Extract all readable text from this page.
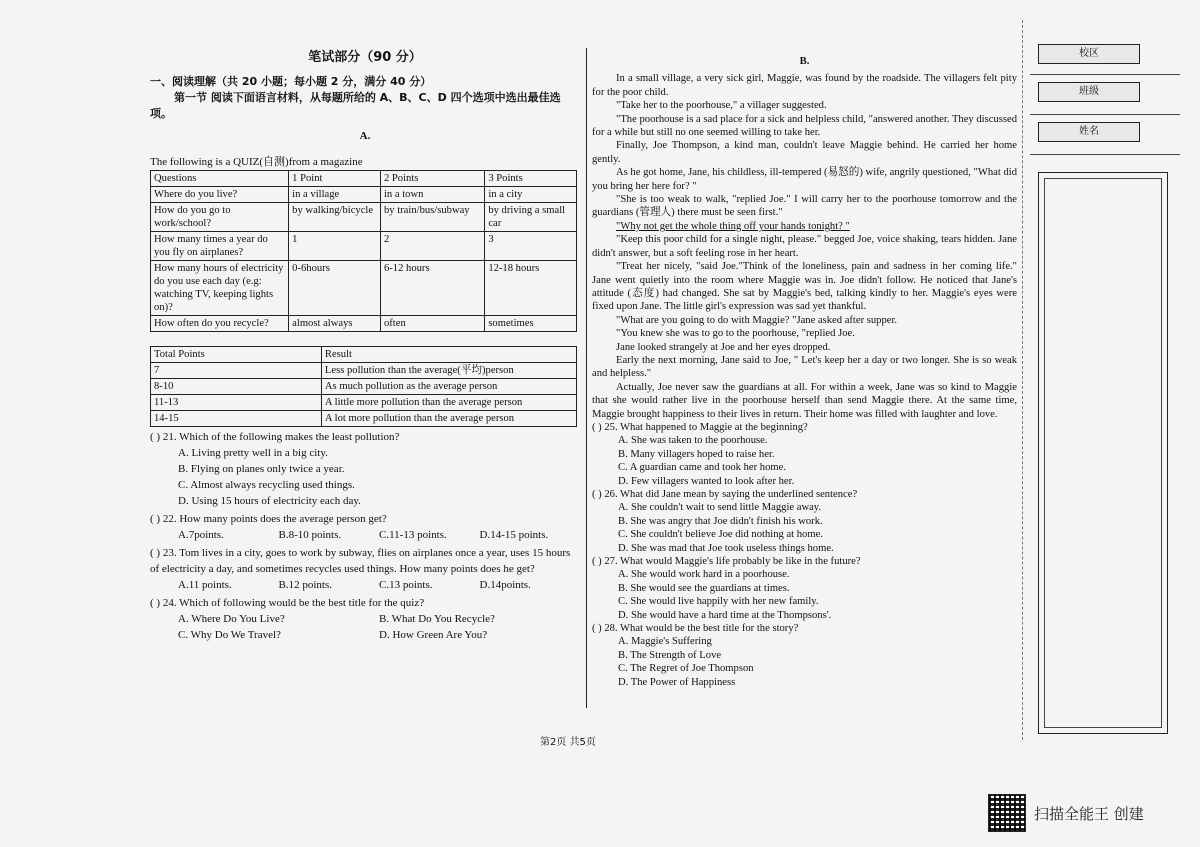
笔试部分（90 分）
一、阅读理解（共 20 小题；每小题 2 分，满分 40 分）
第一节 阅读下面语言材料，从每题所给的 A、B、C、D 四个选项中选出最佳选项。
A.
The following is a QUIZ(自测)from a magazine
Questions	1 Point	2 Points	3 Points
Where do you live?	in a village	in a town	in a city
How do you go to work/school?	by walking/bicycle	by train/bus/subway	by driving a small car
How many times a year do you fly on airplanes?	1	2	3
How many hours of electricity do you use each day (e.g: watching TV, keeping lights on)?	0-6hours	6-12 hours	12-18 hours
How often do you recycle?	almost always	often	sometimes
Total Points	Result
7	Less pollution than the average(平均)person
8-10	As much pollution as the average person
11-13	A little more pollution than the average person
14-15	A lot more pollution than the average person
( ) 21. Which of the following makes the least pollution?
A. Living pretty well in a big city.
B. Flying on planes only twice a year.
C. Almost always recycling used things.
D. Using 15 hours of electricity each day.
( ) 22. How many points does the average person get?
A.7points.	B.8-10 points.	C.11-13 points.	D.14-15 points.
( ) 23. Tom lives in a city, goes to work by subway, flies on airplanes once a year, uses 15 hours of electricity a day, and sometimes recycles used things. How many points does he get?
A.11 points.	B.12 points.	C.13 points.	D.14points.
( ) 24. Which of following would be the best title for the quiz?
A. Where Do You Live?	B. What Do You Recycle?
C. Why Do We Travel?	D. How Green Are You?
B.

In a small village, a very sick girl, Maggie, was found by the roadside. The villagers felt pity for the poor child.

"Take her to the poorhouse," a villager suggested.

"The poorhouse is a sad place for a sick and helpless child, "answered another. They discussed for a while but still no one seemed willing to take her.

Finally, Joe Thompson, a kind man, couldn't leave Maggie behind. He carried her home gently.

As he got home, Jane, his childless, ill-tempered (易怒的) wife, angrily questioned, "What did you bring her here for? "

"She is too weak to walk, "replied Joe." I will carry her to the poorhouse tomorrow and the guardians (管理人) there must be seen first."

"Why not get the whole thing off your hands tonight? "

"Keep this poor child for a single night, please." begged Joe, voice shaking, tears hidden. Jane didn't answer, but a soft feeling rose in her heart.

"Treat her nicely, "said Joe."Think of the loneliness, pain and sadness in her coming life." Jane went quietly into the room where Maggie was in. Joe didn't follow. He noticed that Jane's attitude (态度) had changed. She sat by Maggie's bed, talking kindly to her. Maggie's eyes were fixed upon Jane. The little girl's expression was sad yet thankful.

"What are you going to do with Maggie? "Jane asked after supper.

"You knew she was to go to the poorhouse, "replied Joe.

Jane looked strangely at Joe and her eyes dropped.

Early the next morning, Jane said to Joe, " Let's keep her a day or two longer. She is so weak and helpless."

Actually, Joe never saw the guardians at all. For within a week, Jane was so kind to Maggie that she would rather live in the poorhouse herself than send Maggie there. At the same time, Maggie brought happiness to their lives in return. Their home was filled with laughter and love.

( ) 25. What happened to Maggie at the beginning?
A. She was taken to the poorhouse.
B. Many villagers hoped to raise her.
C. A guardian came and took her home.
D. Few villagers wanted to look after her.
( ) 26. What did Jane mean by saying the underlined sentence?
A. She couldn't wait to send little Maggie away.
B. She was angry that Joe didn't finish his work.
C. She couldn't believe Joe did nothing at home.
D. She was mad that Joe took useless things home.
( ) 27. What would Maggie's life probably be like in the future?
A. She would work hard in a poorhouse.
B. She would see the guardians at times.
C. She would live happily with her new family.
D. She would have a hard time at the Thompsons'.
( ) 28. What would be the best title for the story?
A. Maggie's Suffering
B. The Strength of Love
C. The Regret of Joe Thompson
D. The Power of Happiness
第2页 共5页
校区
班级
姓名
扫描全能王 创建
